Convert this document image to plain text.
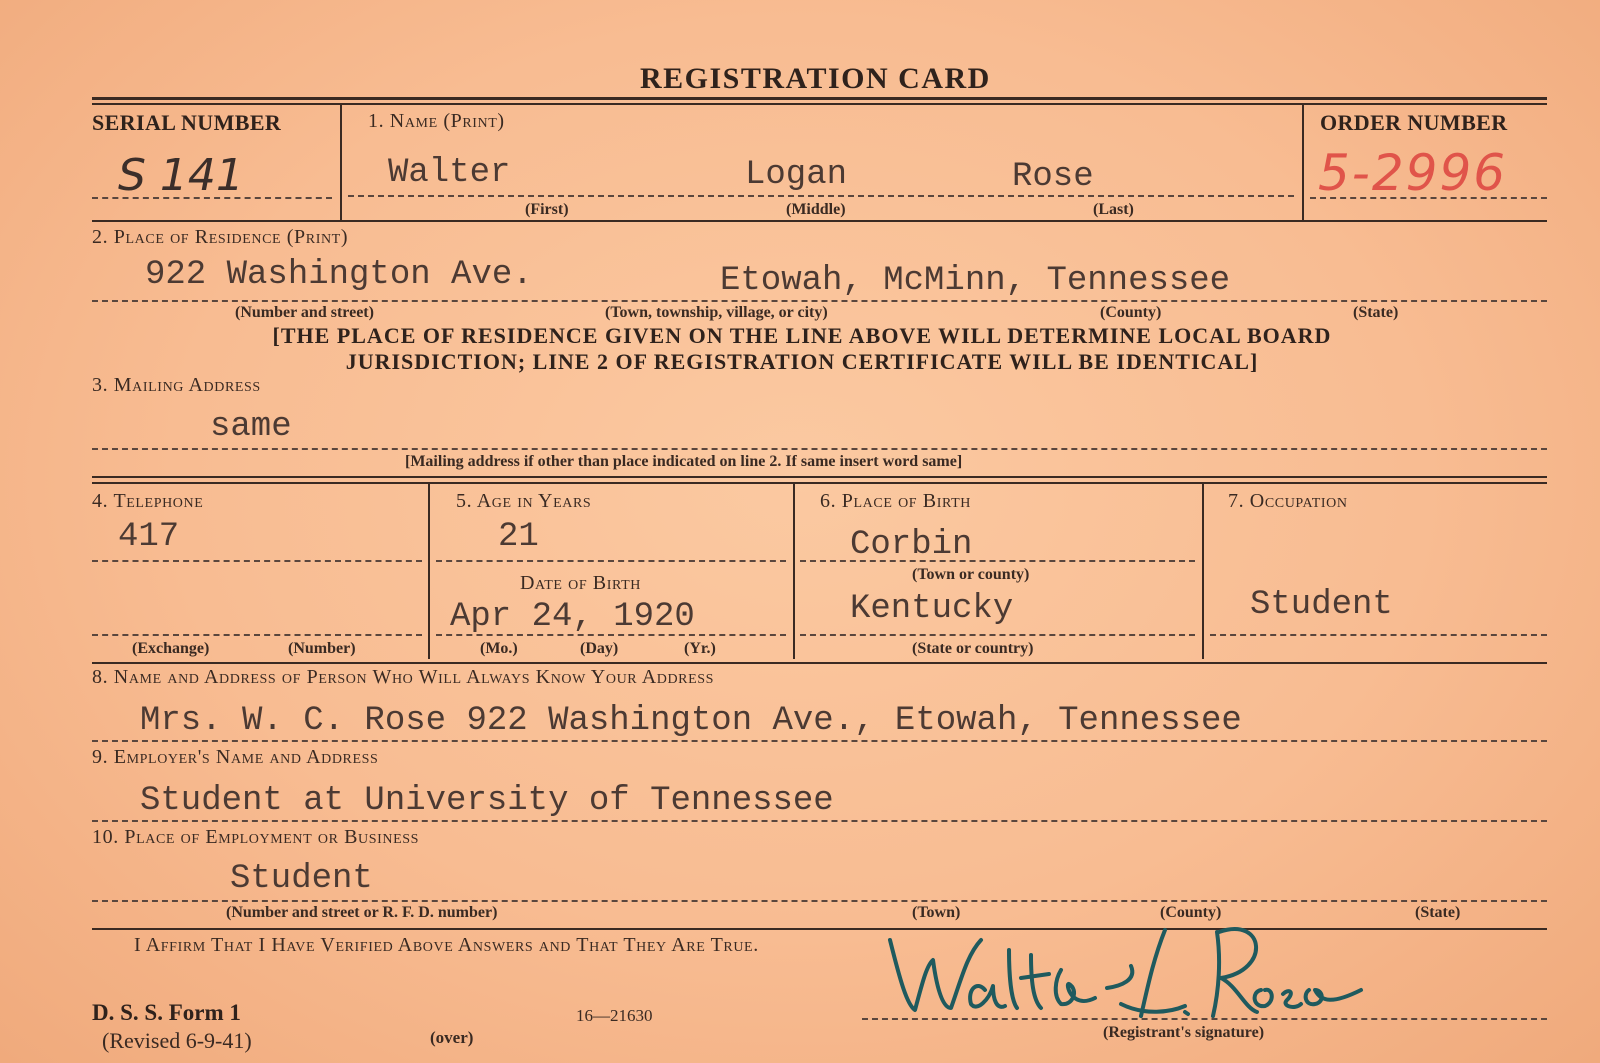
REGISTRATION CARD
SERIAL NUMBER	1. Name (Print)	ORDER NUMBER
S 141	Walter	Logan	Rose	5-2996
(First)	(Middle)	(Last)
2. Place of Residence (Print)
922 Washington Ave.	Etowah, McMinn, Tennessee
(Number and street)	(Town, township, village, or city)	(County)	(State)
[THE PLACE OF RESIDENCE GIVEN ON THE LINE ABOVE WILL DETERMINE LOCAL BOARD
JURISDICTION; LINE 2 OF REGISTRATION CERTIFICATE WILL BE IDENTICAL]
3. Mailing Address
same
[Mailing address if other than place indicated on line 2. If same insert word same]
4. Telephone
417
(Exchange)	(Number)
5. Age in Years
21
Date of Birth
Apr 24, 1920
(Mo.)	(Day)	(Yr.)
6. Place of Birth
Corbin
(Town or county)
Kentucky
(State or country)
7. Occupation
Student
8. Name and Address of Person Who Will Always Know Your Address
Mrs. W. C. Rose 922 Washington Ave., Etowah, Tennessee
9. Employer's Name and Address
Student at University of Tennessee
10. Place of Employment or Business
Student
(Number and street or R. F. D. number)	(Town)	(County)	(State)
I Affirm That I Have Verified Above Answers and That They Are True.
D. S. S. Form 1
(Revised 6-9-41)	(over)
16—21630
(Registrant's signature)
